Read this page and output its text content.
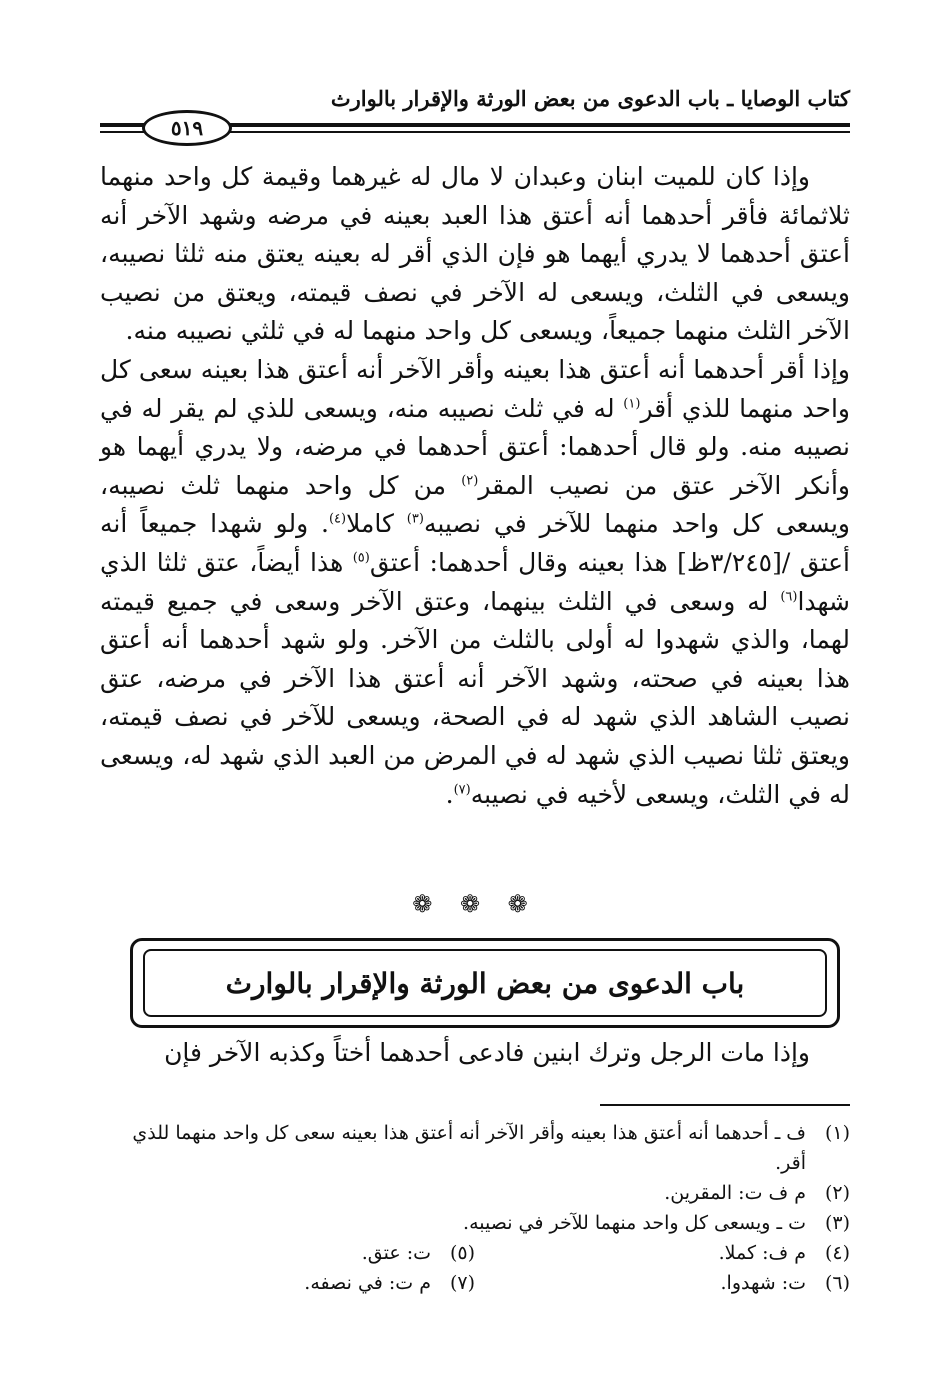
كتاب الوصايا ـ باب الدعوى من بعض الورثة والإقرار بالوارث
٥١٩

وإذا كان للميت ابنان وعبدان لا مال له غيرهما وقيمة كل واحد منهما ثلاثمائة فأقر أحدهما أنه أعتق هذا العبد بعينه في مرضه وشهد الآخر أنه أعتق أحدهما لا يدري أيهما هو فإن الذي أقر له بعينه يعتق منه ثلثا نصيبه، ويسعى في الثلث، ويسعى له الآخر في نصف قيمته، ويعتق من نصيب الآخر الثلث منهما جميعاً، ويسعى كل واحد منهما له في ثلثي نصيبه منه.

وإذا أقر أحدهما أنه أعتق هذا بعينه وأقر الآخر أنه أعتق هذا بعينه سعى كل واحد منهما للذي أقر$^{(١)}$ له في ثلث نصيبه منه، ويسعى للذي لم يقر له في نصيبه منه. ولو قال أحدهما: أعتق أحدهما في مرضه، ولا يدري أيهما هو وأنكر الآخر عتق من نصيب المقر$^{(٢)}$ من كل واحد منهما ثلث نصيبه، ويسعى كل واحد منهما للآخر في نصيبه$^{(٣)}$ كاملا$^{(٤)}$. ولو شهدا جميعاً أنه أعتق /[٣/٢٤٥ظ] هذا بعينه وقال أحدهما: أعتق$^{(٥)}$ هذا أيضاً، عتق ثلثا الذي شهدا$^{(٦)}$ له وسعى في الثلث بينهما، وعتق الآخر وسعى في جميع قيمته لهما، والذي شهدوا له أولى بالثلث من الآخر. ولو شهد أحدهما أنه أعتق هذا بعينه في صحته، وشهد الآخر أنه أعتق هذا الآخر في مرضه، عتق نصيب الشاهد الذي شهد له في الصحة، ويسعى للآخر في نصف قيمته، ويعتق ثلثا نصيب الذي شهد له في المرض من العبد الذي شهد له، ويسعى له في الثلث، ويسعى لأخيه في نصيبه$^{(٧)}$.

❁ ❁ ❁
باب الدعوى من بعض الورثة والإقرار بالوارث
وإذا مات الرجل وترك ابنين فادعى أحدهما أختاً وكذبه الآخر فإن
(١)
ف ـ أحدهما أنه أعتق هذا بعينه وأقر الآخر أنه أعتق هذا بعينه سعى كل واحد منهما للذي أقر.
(٢)
م ف ت: المقرين.
(٣)
ت ـ ويسعى كل واحد منهما للآخر في نصيبه.
(٤)
م ف: كملا.
(٥)
ت: عتق.
(٦)
ت: شهدوا.
(٧)
م ت: في نصفه.
